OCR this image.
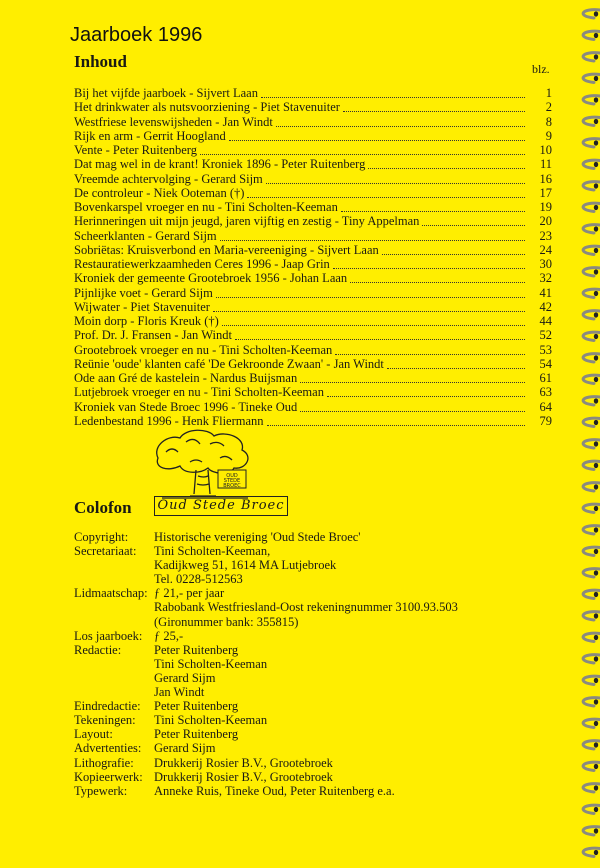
Jaarboek 1996
Inhoud	blz.
Bij het vijfde jaarboek - Sijvert Laan	1
Het drinkwater als nutsvoorziening - Piet Stavenuiter	2
Westfriese levenswijsheden - Jan Windt	8
Rijk en arm - Gerrit Hoogland	9
Vente - Peter Ruitenberg	10
Dat mag wel in de krant! Kroniek 1896 - Peter Ruitenberg	11
Vreemde achtervolging - Gerard Sijm	16
De controleur - Niek Ooteman (†)	17
Bovenkarspel vroeger en nu - Tini Scholten-Keeman	19
Herinneringen uit mijn jeugd, jaren vijftig en zestig - Tiny Appelman	20
Scheerklanten - Gerard Sijm	23
Sobriëtas: Kruisverbond en Maria-vereeniging - Sijvert Laan	24
Restauratiewerkzaamheden Ceres 1996 - Jaap Grin	30
Kroniek der gemeente Grootebroek 1956 - Johan Laan	32
Pijnlijke voet - Gerard Sijm	41
Wijwater - Piet Stavenuiter	42
Moin dorp - Floris Kreuk (†)	44
Prof. Dr. J. Fransen - Jan Windt	52
Grootebroek vroeger en nu - Tini Scholten-Keeman	53
Reünie 'oude' klanten café 'De Gekroonde Zwaan' - Jan Windt	54
Ode aan Gré de kastelein - Nardus Buijsman	61
Lutjebroek vroeger en nu - Tini Scholten-Keeman	63
Kroniek van Stede Broec 1996 - Tineke Oud	64
Ledenbestand 1996 - Henk Fliermann	79
OUD
STEDE
BROEC
Oud Stede Broec
Colofon
Copyright:	Historische vereniging 'Oud Stede Broec'
Secretariaat:	Tini Scholten-Keeman,
Kadijkweg 51, 1614 MA Lutjebroek
Tel. 0228-512563
Lidmaatschap: ƒ 21,- per jaar
Rabobank Westfriesland-Oost rekeningnummer 3100.93.503
(Gironummer bank: 355815)
Los jaarboek: ƒ 25,-
Redactie:	Peter Ruitenberg
Tini Scholten-Keeman
Gerard Sijm
Jan Windt
Eindredactie:	Peter Ruitenberg
Tekeningen:	Tini Scholten-Keeman
Layout:	Peter Ruitenberg
Advertenties:	Gerard Sijm
Lithografie:	Drukkerij Rosier B.V., Grootebroek
Kopieerwerk: Drukkerij Rosier B.V., Grootebroek
Typewerk:	Anneke Ruis, Tineke Oud, Peter Ruitenberg e.a.
